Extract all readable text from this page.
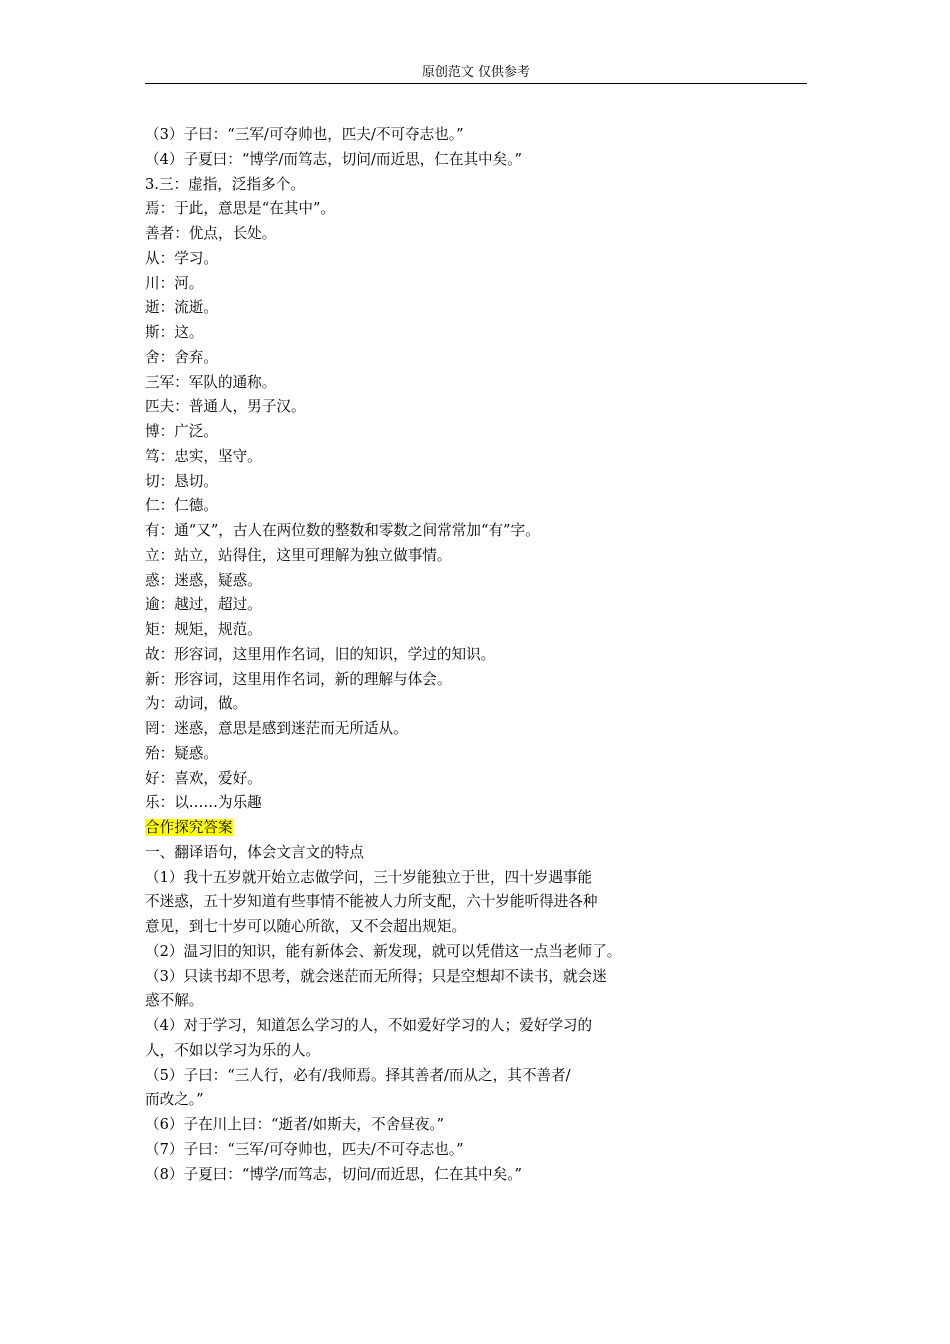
原创范文 仅供参考
（3）子曰：“三军/可夺帅也，匹夫/不可夺志也。”
（4）子夏曰：“博学/而笃志，切问/而近思，仁在其中矣。”
3.三：虚指，泛指多个。
焉：于此，意思是“在其中”。
善者：优点，长处。
从：学习。
川：河。
逝：流逝。
斯：这。
舍：舍弃。
三军：军队的通称。
匹夫：普通人，男子汉。
博：广泛。
笃：忠实，坚守。
切：恳切。
仁：仁德。
有：通“又”，古人在两位数的整数和零数之间常常加“有”字。
立：站立，站得住，这里可理解为独立做事情。
惑：迷惑，疑惑。
逾：越过，超过。
矩：规矩，规范。
故：形容词，这里用作名词，旧的知识，学过的知识。
新：形容词，这里用作名词，新的理解与体会。
为：动词，做。
罔：迷惑，意思是感到迷茫而无所适从。
殆：疑惑。
好：喜欢，爱好。
乐：以……为乐趣
合作探究答案
一、翻译语句，体会文言文的特点
（1）我十五岁就开始立志做学问，三十岁能独立于世，四十岁遇事能
不迷惑，五十岁知道有些事情不能被人力所支配，六十岁能听得进各种
意见，到七十岁可以随心所欲，又不会超出规矩。
（2）温习旧的知识，能有新体会、新发现，就可以凭借这一点当老师了。
（3）只读书却不思考，就会迷茫而无所得；只是空想却不读书，就会迷
惑不解。
（4）对于学习，知道怎么学习的人，不如爱好学习的人；爱好学习的
人，不如以学习为乐的人。
（5）子曰：“三人行，必有/我师焉。择其善者/而从之，其不善者/
而改之。”
（6）子在川上曰：“逝者/如斯夫，不舍昼夜。”
（7）子曰：“三军/可夺帅也，匹夫/不可夺志也。”
（8）子夏曰：“博学/而笃志，切问/而近思，仁在其中矣。”
